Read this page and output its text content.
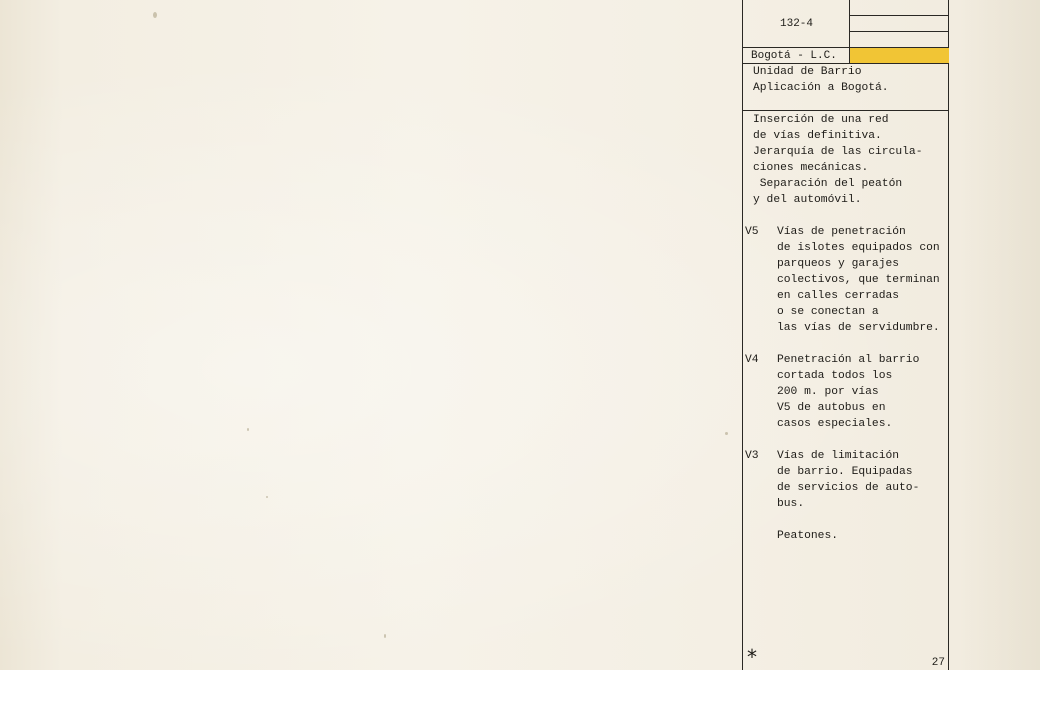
132-4
Bogotá - L.C.
Unidad de Barrio
Aplicación a Bogotá.
Inserción de una red
de vías definitiva.
Jerarquía de las circula-
ciones mecánicas.
Separación del peatón
y del automóvil.
V5 Vías de penetración
de islotes equipados con
parqueos y garajes
colectivos, que terminan
en calles cerradas
o se conectan a
las vías de servidumbre.
V4 Penetración al barrio
cortada todos los
200 m. por vías
V5 de autobus en
casos especiales.
V3 Vías de limitación
de barrio. Equipadas
de servicios de auto-
bus.
Peatones.
*	27
